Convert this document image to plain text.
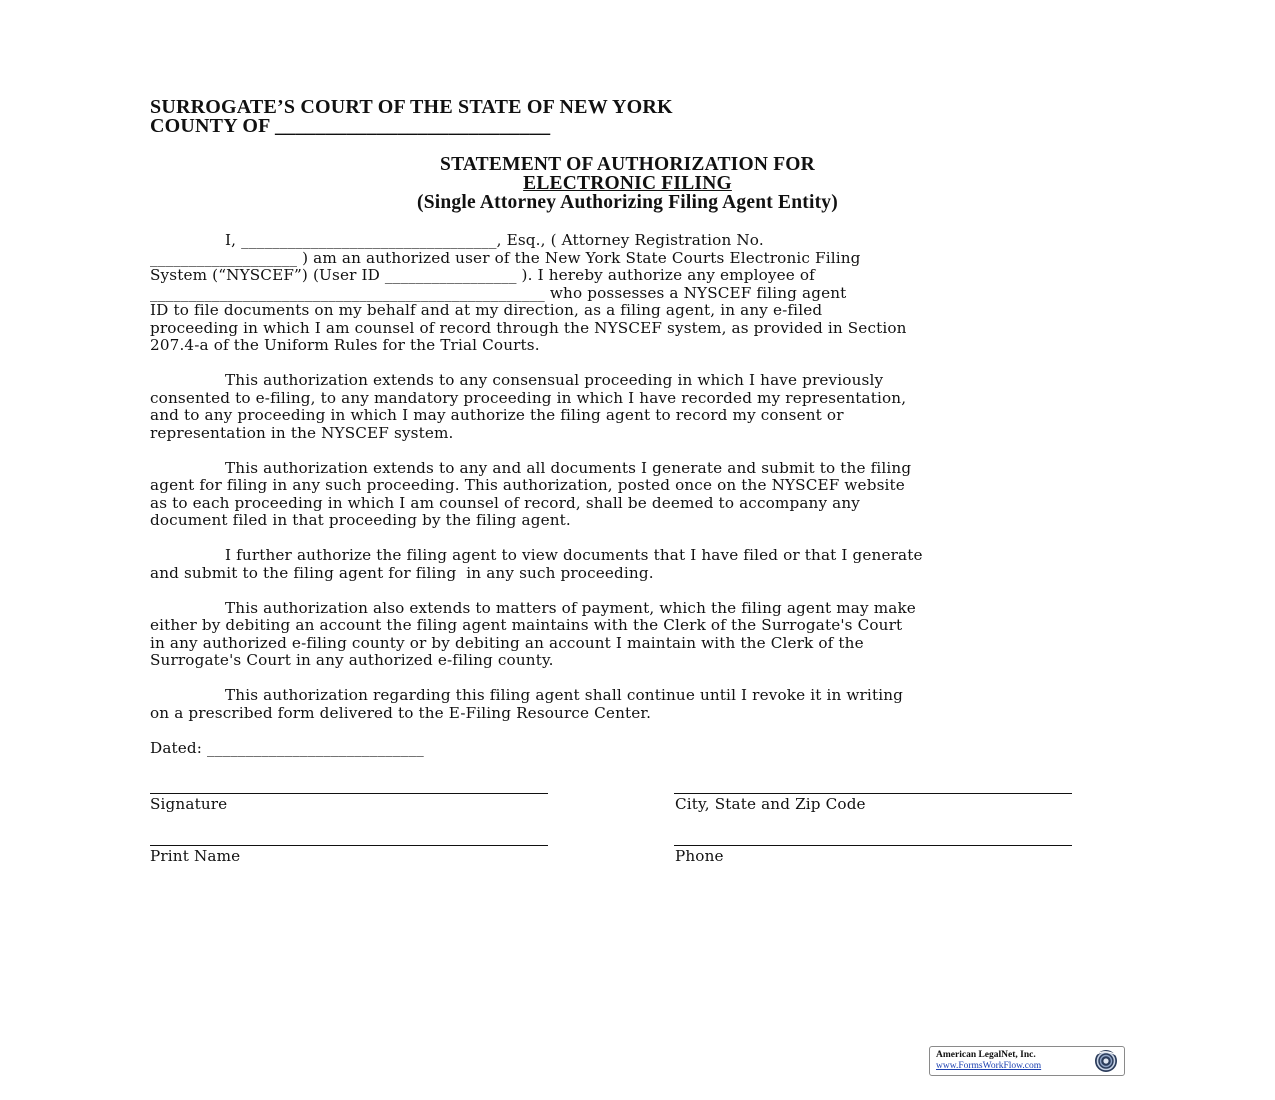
SURROGATE’S COURT OF THE STATE OF NEW YORK
COUNTY OF ___________________________
STATEMENT OF AUTHORIZATION FOR
ELECTRONIC FILING
(Single Attorney Authorizing Filing Agent Entity)
I, _________________________________, Esq., ( Attorney Registration No.
___________________ ) am an authorized user of the New York State Courts Electronic Filing
System (“NYSCEF”) (User ID _________________ ). I hereby authorize any employee of
___________________________________________________ who possesses a NYSCEF filing agent
ID to file documents on my behalf and at my direction, as a filing agent, in any e-filed
proceeding in which I am counsel of record through the NYSCEF system, as provided in Section
207.4-a of the Uniform Rules for the Trial Courts.
This authorization extends to any consensual proceeding in which I have previously
consented to e-filing, to any mandatory proceeding in which I have recorded my representation,
and to any proceeding in which I may authorize the filing agent to record my consent or
representation in the NYSCEF system.
This authorization extends to any and all documents I generate and submit to the filing
agent for filing in any such proceeding. This authorization, posted once on the NYSCEF website
as to each proceeding in which I am counsel of record, shall be deemed to accompany any
document filed in that proceeding by the filing agent.
I further authorize the filing agent to view documents that I have filed or that I generate
and submit to the filing agent for filing  in any such proceeding.
This authorization also extends to matters of payment, which the filing agent may make
either by debiting an account the filing agent maintains with the Clerk of the Surrogate's Court
in any authorized e-filing county or by debiting an account I maintain with the Clerk of the
Surrogate's Court in any authorized e-filing county.
This authorization regarding this filing agent shall continue until I revoke it in writing
on a prescribed form delivered to the E-Filing Resource Center.
Dated: ____________________________
Signature	City, State and Zip Code
Print Name	Phone
American LegalNet, Inc.
www.FormsWorkFlow.com
